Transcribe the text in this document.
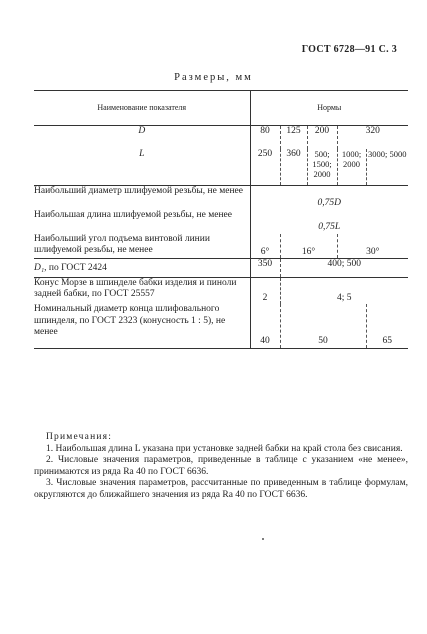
ГОСТ 6728—91 С. 3
Размеры, мм
Наименование показателя	Нормы				
D	80	125	200	320	
L	250	360	500; 1500; 2000	1000; 2000	3000; 5000
Наибольший диаметр шлифуемой резьбы, не менее	0,75D				
Наибольшая длина шлифуемой резьбы, не менее	0,75L				
Наибольший угол подъема винтовой линии шлифуемой резьбы, не менее	6°	16°		30°	
D₁, по ГОСТ 2424	350	400; 500			
Конус Морзе в шпинделе бабки изделия и пиноли задней бабки, по ГОСТ 25557	2	4; 5			
Номинальный диаметр конца шлифовального шпинделя, по ГОСТ 2323 (конусность 1 : 5), не менее	40	50			65

Примечания:

1. Наибольшая длина L указана при установке задней бабки на край стола без свисания.

2. Числовые значения параметров, приведенные в таблице с указанием «не менее», принимаются из ряда Ra 40 по ГОСТ 6636.

3. Числовые значения параметров, рассчитанные по приведенным в таблице формулам, округляются до ближайшего значения из ряда Ra 40 по ГОСТ 6636.
